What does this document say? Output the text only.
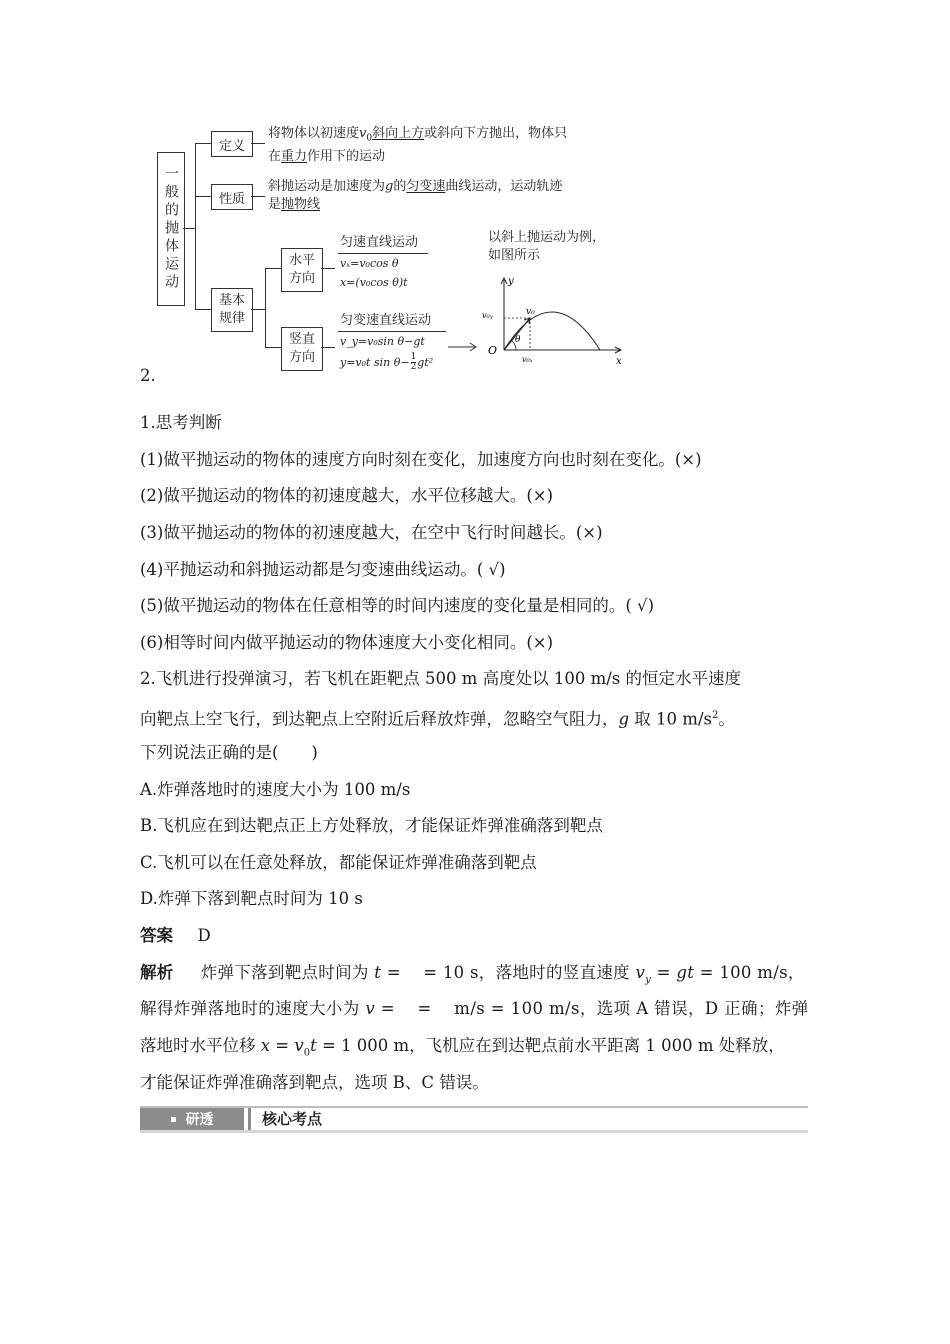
一般的抛体运动
定义
将物体以初速度$v_0$斜向上方或斜向下方抛出，物体只
在重力作用下的运动
性质
斜抛运动是加速度为g的匀变速曲线运动，运动轨迹
是抛物线
基本规律
水平方向
匀速直线运动
vₓ=v₀cos θ
x=(v₀cos θ)t
竖直方向
匀变速直线运动
v_y=v₀sin θ−gt
y=v₀t $\sin \theta- \frac{1}{2} gt^2$
以斜上抛运动为例，
如图所示
y
x
O
v₀
v₀ᵧ
v₀ₓ
θ
2.
1.思考判断
(1)做平抛运动的物体的速度方向时刻在变化，加速度方向也时刻在变化。(×)
(2)做平抛运动的物体的初速度越大，水平位移越大。(×)
(3)做平抛运动的物体的初速度越大，在空中飞行时间越长。(×)
(4)平抛运动和斜抛运动都是匀变速曲线运动。( √)
(5)做平抛运动的物体在任意相等的时间内速度的变化量是相同的。( √)
(6)相等时间内做平抛运动的物体速度大小变化相同。(×)
2.飞机进行投弹演习，若飞机在距靶点 500 m 高度处以 100 m/s 的恒定水平速度
向靶点上空飞行，到达靶点上空附近后释放炸弹，忽略空气阻力，g 取 10 $m/s^2$。
下列说法正确的是(　　)
A.炸弹落地时的速度大小为 100 m/s
B.飞机应在到达靶点正上方处释放，才能保证炸弹准确落到靶点
C.飞机可以在任意处释放，都能保证炸弹准确落到靶点
D.炸弹下落到靶点时间为 10 s
答案 D
解析 炸弹下落到靶点时间为 t = 　= 10 s，落地时的竖直速度 $v_y$ = gt = 100 m/s，
解得炸弹落地时的速度大小为 v = 　= 　m/s = 100 m/s，选项 A 错误，D 正确；炸弹
落地时水平位移 $x = v_0t = 1$ 000 m，飞机应在到达靶点前水平距离 1 000 m 处释放，
才能保证炸弹准确落到靶点，选项 B、C 错误。
研透	核心考点
